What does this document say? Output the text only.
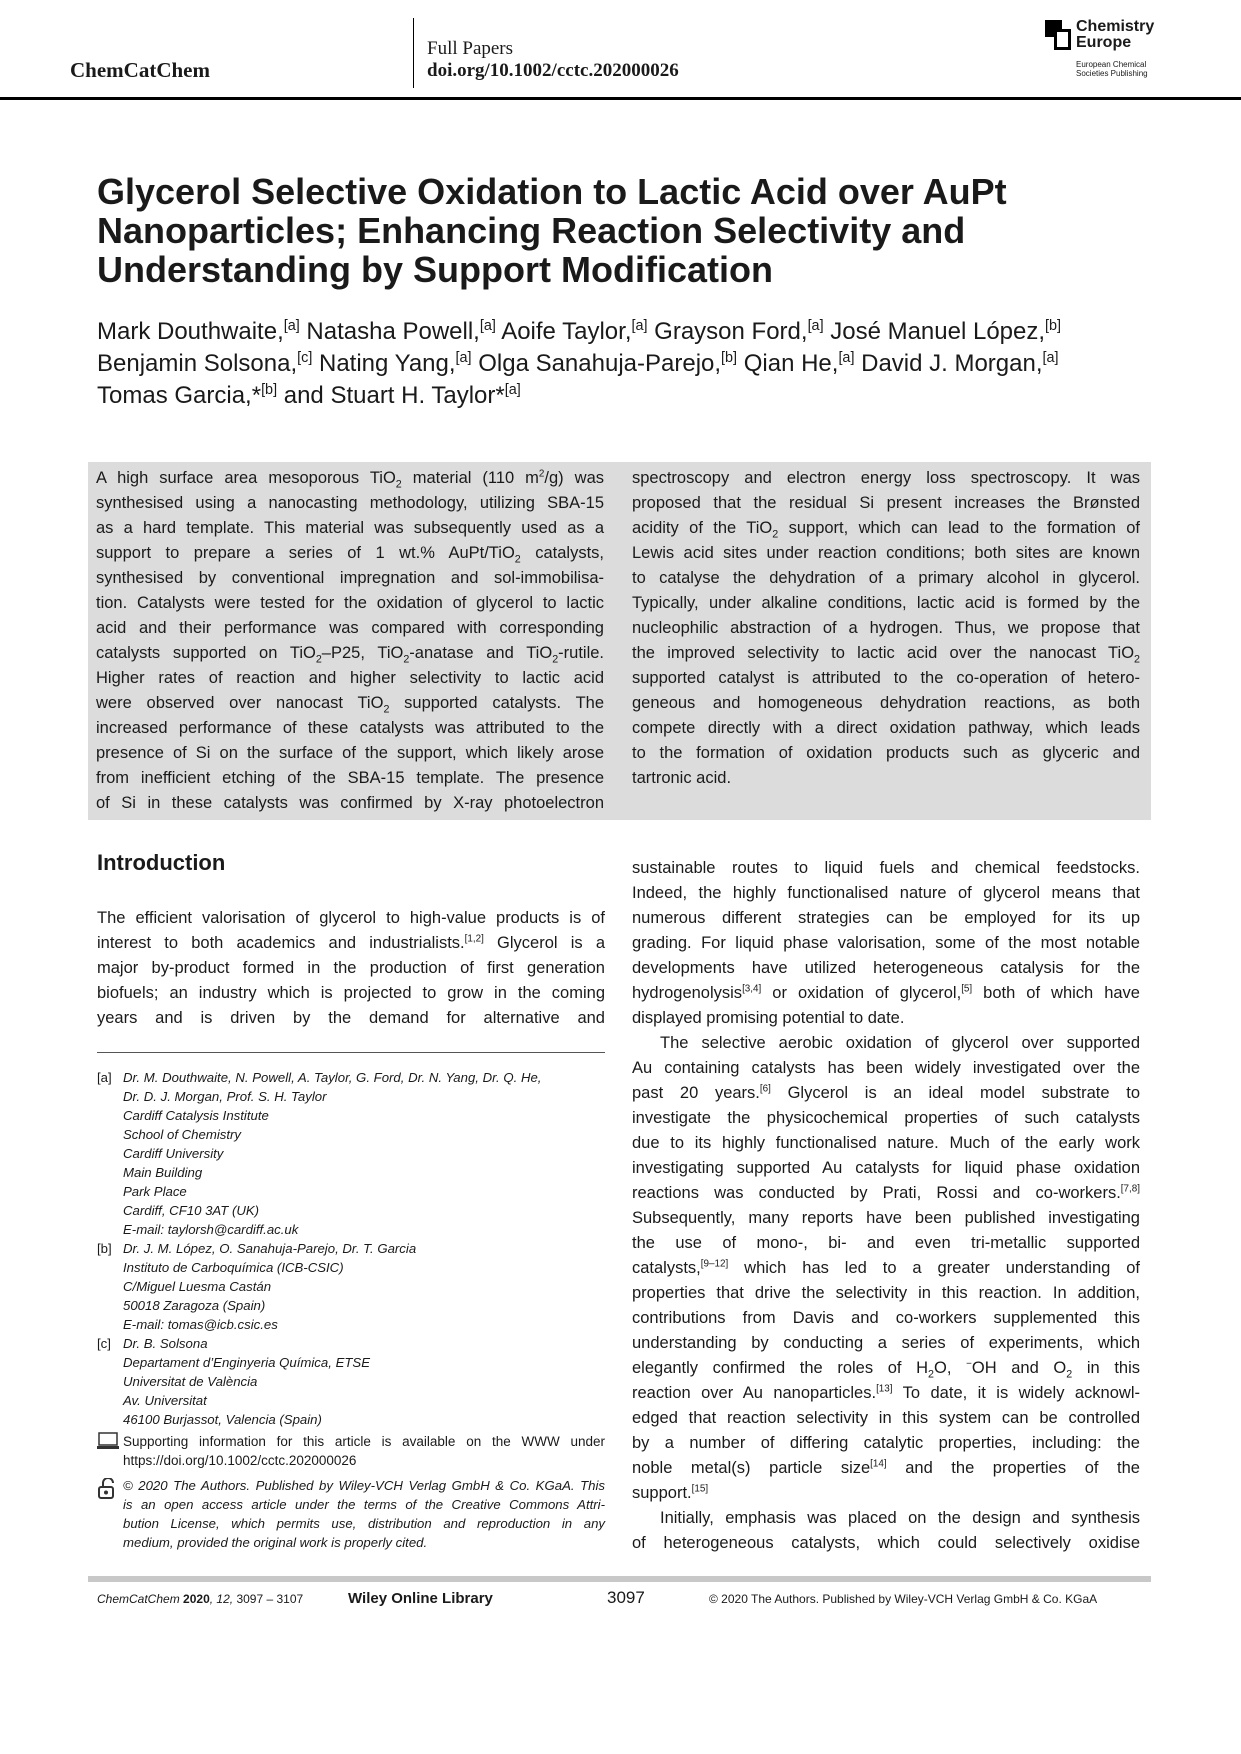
ChemCatChem
Full Papers
doi.org/10.1002/cctc.202000026
Chemistry
Europe
European Chemical
Societies Publishing
Glycerol Selective Oxidation to Lactic Acid over AuPt
Nanoparticles; Enhancing Reaction Selectivity and
Understanding by Support Modification
Mark Douthwaite,[a] Natasha Powell,[a] Aoife Taylor,[a] Grayson Ford,[a] José Manuel López,[b]
Benjamin Solsona,[c] Nating Yang,[a] Olga Sanahuja-Parejo,[b] Qian He,[a] David J. Morgan,[a]
Tomas Garcia,*[b] and Stuart H. Taylor*[a]
A high surface area mesoporous TiO$_2$ material (110 $m^2/g$) was
synthesised using a nanocasting methodology, utilizing SBA-15
as a hard template. This material was subsequently used as a
support to prepare a series of 1 wt.% AuPt/TiO$_2$ catalysts,
synthesised by conventional impregnation and sol-immobilisa-
tion. Catalysts were tested for the oxidation of glycerol to lactic
acid and their performance was compared with corresponding
catalysts supported on TiO$_2$–P25, TiO$_2$-anatase and TiO$_2$-rutile.
Higher rates of reaction and higher selectivity to lactic acid
were observed over nanocast TiO$_2$ supported catalysts. The
increased performance of these catalysts was attributed to the
presence of Si on the surface of the support, which likely arose
from inefficient etching of the SBA-15 template. The presence
of Si in these catalysts was confirmed by X-ray photoelectron
spectroscopy and electron energy loss spectroscopy. It was
proposed that the residual Si present increases the Brønsted
acidity of the TiO$_2$ support, which can lead to the formation of
Lewis acid sites under reaction conditions; both sites are known
to catalyse the dehydration of a primary alcohol in glycerol.
Typically, under alkaline conditions, lactic acid is formed by the
nucleophilic abstraction of a hydrogen. Thus, we propose that
the improved selectivity to lactic acid over the nanocast TiO$_2$
supported catalyst is attributed to the co-operation of hetero-
geneous and homogeneous dehydration reactions, as both
compete directly with a direct oxidation pathway, which leads
to the formation of oxidation products such as glyceric and
tartronic acid.
Introduction
The efficient valorisation of glycerol to high-value products is of
interest to both academics and industrialists.[1,2] Glycerol is a
major by-product formed in the production of first generation
biofuels; an industry which is projected to grow in the coming
years and is driven by the demand for alternative and
sustainable routes to liquid fuels and chemical feedstocks.
Indeed, the highly functionalised nature of glycerol means that
numerous different strategies can be employed for its up
grading. For liquid phase valorisation, some of the most notable
developments have utilized heterogeneous catalysis for the
hydrogenolysis[3,4] or oxidation of glycerol,[5] both of which have
displayed promising potential to date.
The selective aerobic oxidation of glycerol over supported
Au containing catalysts has been widely investigated over the
past 20 years.[6] Glycerol is an ideal model substrate to
investigate the physicochemical properties of such catalysts
due to its highly functionalised nature. Much of the early work
investigating supported Au catalysts for liquid phase oxidation
reactions was conducted by Prati, Rossi and co-workers.[7,8]
Subsequently, many reports have been published investigating
the use of mono-, bi- and even tri-metallic supported
catalysts,[9–12] which has led to a greater understanding of
properties that drive the selectivity in this reaction. In addition,
contributions from Davis and co-workers supplemented this
understanding by conducting a series of experiments, which
elegantly confirmed the roles of $H_2O$, −OH and $O_2$ in this
reaction over Au nanoparticles.[13] To date, it is widely acknowl-
edged that reaction selectivity in this system can be controlled
by a number of differing catalytic properties, including: the
noble metal(s) particle size[14] and the properties of the
support.[15]
Initially, emphasis was placed on the design and synthesis
of heterogeneous catalysts, which could selectively oxidise
[a] Dr. M. Douthwaite, N. Powell, A. Taylor, G. Ford, Dr. N. Yang, Dr. Q. He,
Dr. D. J. Morgan, Prof. S. H. Taylor
Cardiff Catalysis Institute
School of Chemistry
Cardiff University
Main Building
Park Place
Cardiff, CF10 3AT (UK)
E-mail: taylorsh@cardiff.ac.uk
[b] Dr. J. M. López, O. Sanahuja-Parejo, Dr. T. Garcia
Instituto de Carboquímica (ICB-CSIC)
C/Miguel Luesma Castán
50018 Zaragoza (Spain)
E-mail: tomas@icb.csic.es
[c] Dr. B. Solsona
Departament d’Enginyeria Química, ETSE
Universitat de València
Av. Universitat
46100 Burjassot, Valencia (Spain)
Supporting information for this article is available on the WWW under
https://doi.org/10.1002/cctc.202000026
© 2020 The Authors. Published by Wiley-VCH Verlag GmbH & Co. KGaA. This
is an open access article under the terms of the Creative Commons Attri-
bution License, which permits use, distribution and reproduction in any
medium, provided the original work is properly cited.
ChemCatChem 2020, 12, 3097 – 3107	Wiley Online Library	3097	© 2020 The Authors. Published by Wiley-VCH Verlag GmbH & Co. KGaA
